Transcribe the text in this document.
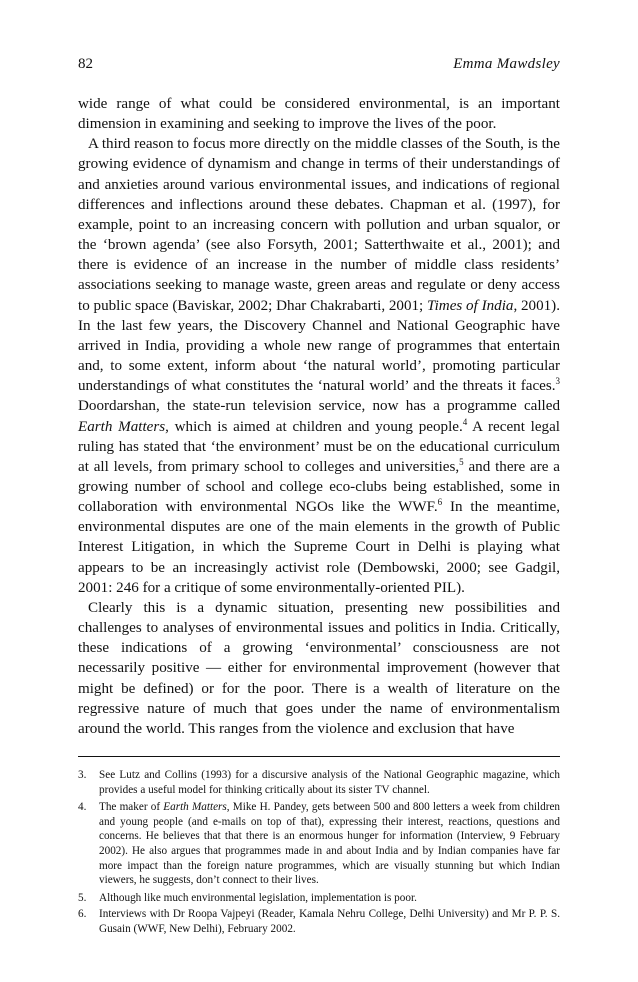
82	Emma Mawdsley

wide range of what could be considered environmental, is an important dimension in examining and seeking to improve the lives of the poor.

A third reason to focus more directly on the middle classes of the South, is the growing evidence of dynamism and change in terms of their understandings of and anxieties around various environmental issues, and indications of regional differences and inflections around these debates. Chapman et al. (1997), for example, point to an increasing concern with pollution and urban squalor, or the ‘brown agenda’ (see also Forsyth, 2001; Satterthwaite et al., 2001); and there is evidence of an increase in the number of middle class residents’ associations seeking to manage waste, green areas and regulate or deny access to public space (Baviskar, 2002; Dhar Chakrabarti, 2001; Times of India, 2001). In the last few years, the Discovery Channel and National Geographic have arrived in India, providing a whole new range of programmes that entertain and, to some extent, inform about ‘the natural world’, promoting particular understandings of what constitutes the ‘natural world’ and the threats it faces.$^3$ Doordarshan, the state-run television service, now has a programme called Earth Matters, which is aimed at children and young people.$^4$ A recent legal ruling has stated that ‘the environment’ must be on the educational curriculum at all levels, from primary school to colleges and universities,$^5$ and there are a growing number of school and college eco-clubs being established, some in collaboration with environmental NGOs like the WWF.$^6$ In the meantime, environmental disputes are one of the main elements in the growth of Public Interest Litigation, in which the Supreme Court in Delhi is playing what appears to be an increasingly activist role (Dembowski, 2000; see Gadgil, 2001: 246 for a critique of some environmentally-oriented PIL).

Clearly this is a dynamic situation, presenting new possibilities and challenges to analyses of environmental issues and politics in India. Critically, these indications of a growing ‘environmental’ consciousness are not necessarily positive — either for environmental improvement (however that might be defined) or for the poor. There is a wealth of literature on the regressive nature of much that goes under the name of environmentalism around the world. This ranges from the violence and exclusion that have

3.	See Lutz and Collins (1993) for a discursive analysis of the National Geographic magazine, which provides a useful model for thinking critically about its sister TV channel.
4.	The maker of Earth Matters, Mike H. Pandey, gets between 500 and 800 letters a week from children and young people (and e-mails on top of that), expressing their interest, reactions, questions and concerns. He believes that that there is an enormous hunger for information (Interview, 9 February 2002). He also argues that programmes made in and about India and by Indian companies have far more impact than the foreign nature programmes, which are visually stunning but which Indian viewers, he suggests, don’t connect to their lives.
5.	Although like much environmental legislation, implementation is poor.
6.	Interviews with Dr Roopa Vajpeyi (Reader, Kamala Nehru College, Delhi University) and Mr P. P. S. Gusain (WWF, New Delhi), February 2002.
